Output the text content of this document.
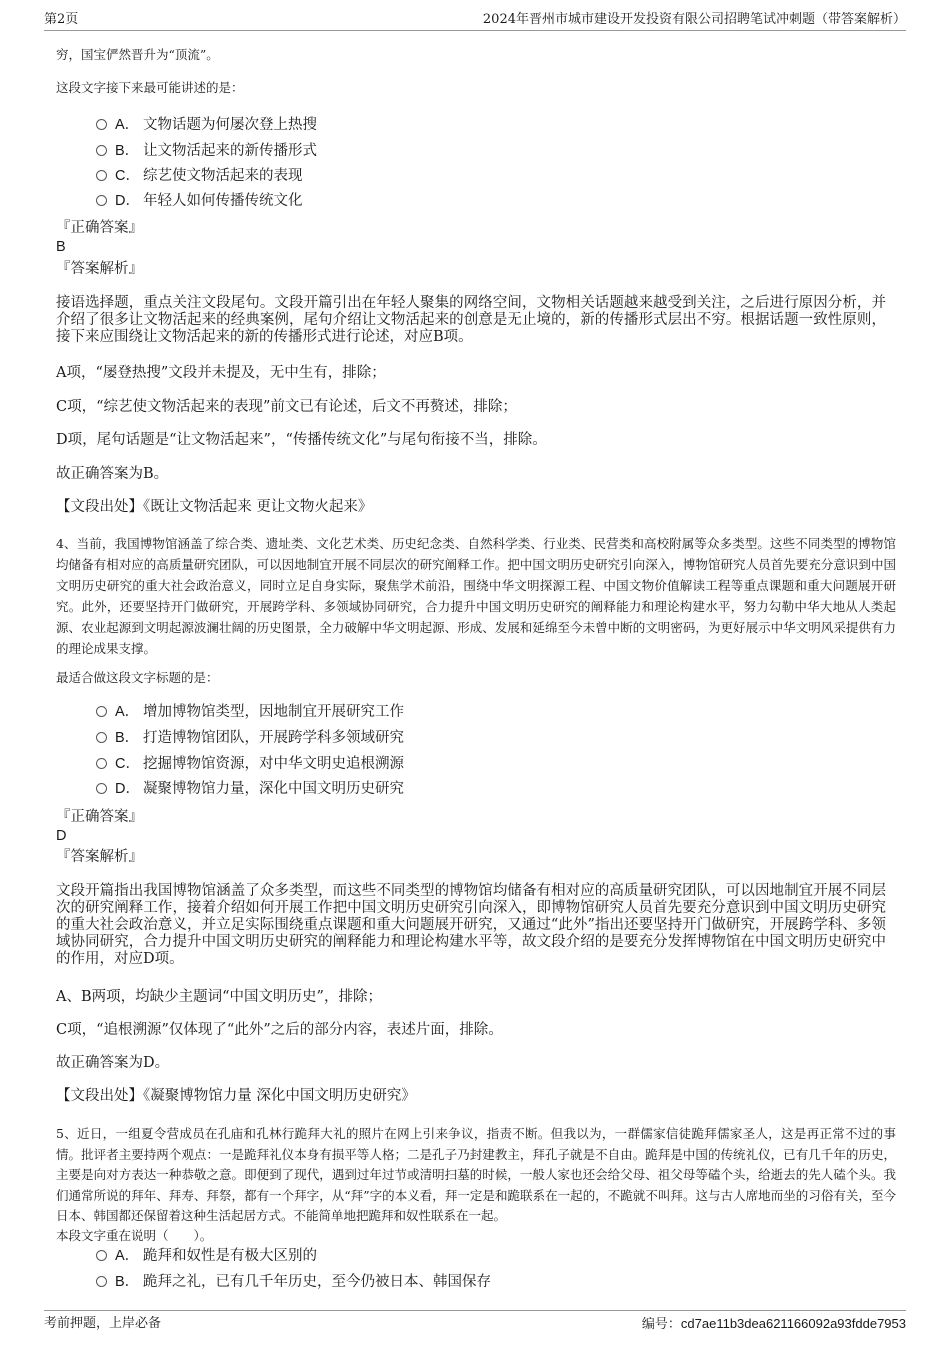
第2页	2024年晋州市城市建设开发投资有限公司招聘笔试冲刺题（带答案解析）
穷，国宝俨然晋升为“顶流”。
这段文字接下来最可能讲述的是：
A． 文物话题为何屡次登上热搜
B． 让文物活起来的新传播形式
C． 综艺使文物活起来的表现
D． 年轻人如何传播传统文化
『正确答案』
B
『答案解析』
接语选择题，重点关注文段尾句。文段开篇引出在年轻人聚集的网络空间，文物相关话题越来越受到关注，之后进行原因分析，并介绍了很多让文物活起来的经典案例，尾句介绍让文物活起来的创意是无止境的，新的传播形式层出不穷。根据话题一致性原则，接下来应围绕让文物活起来的新的传播形式进行论述，对应B项。
A项，“屡登热搜”文段并未提及，无中生有，排除；
C项，“综艺使文物活起来的表现”前文已有论述，后文不再赘述，排除；
D项，尾句话题是“让文物活起来”，“传播传统文化”与尾句衔接不当，排除。
故正确答案为B。
【文段出处】《既让文物活起来 更让文物火起来》
4、当前，我国博物馆涵盖了综合类、遗址类、文化艺术类、历史纪念类、自然科学类、行业类、民营类和高校附属等众多类型。这些不同类型的博物馆均储备有相对应的高质量研究团队，可以因地制宜开展不同层次的研究阐释工作。把中国文明历史研究引向深入，博物馆研究人员首先要充分意识到中国文明历史研究的重大社会政治意义，同时立足自身实际，聚焦学术前沿，围绕中华文明探源工程、中国文物价值解读工程等重点课题和重大问题展开研究。此外，还要坚持开门做研究，开展跨学科、多领域协同研究，合力提升中国文明历史研究的阐释能力和理论构建水平，努力勾勒中华大地从人类起源、农业起源到文明起源波澜壮阔的历史图景，全力破解中华文明起源、形成、发展和延绵至今未曾中断的文明密码，为更好展示中华文明风采提供有力的理论成果支撑。
最适合做这段文字标题的是：
A． 增加博物馆类型，因地制宜开展研究工作
B． 打造博物馆团队，开展跨学科多领域研究
C． 挖掘博物馆资源，对中华文明史追根溯源
D． 凝聚博物馆力量，深化中国文明历史研究
『正确答案』
D
『答案解析』
文段开篇指出我国博物馆涵盖了众多类型，而这些不同类型的博物馆均储备有相对应的高质量研究团队，可以因地制宜开展不同层次的研究阐释工作，接着介绍如何开展工作把中国文明历史研究引向深入，即博物馆研究人员首先要充分意识到中国文明历史研究的重大社会政治意义，并立足实际围绕重点课题和重大问题展开研究，又通过“此外”指出还要坚持开门做研究，开展跨学科、多领域协同研究，合力提升中国文明历史研究的阐释能力和理论构建水平等，故文段介绍的是要充分发挥博物馆在中国文明历史研究中的作用，对应D项。
A、B两项，均缺少主题词“中国文明历史”，排除；
C项，“追根溯源”仅体现了“此外”之后的部分内容，表述片面，排除。
故正确答案为D。
【文段出处】《凝聚博物馆力量 深化中国文明历史研究》
5、近日，一组夏令营成员在孔庙和孔林行跪拜大礼的照片在网上引来争议，指责不断。但我以为，一群儒家信徒跪拜儒家圣人，这是再正常不过的事情。批评者主要持两个观点：一是跪拜礼仪本身有损平等人格；二是孔子乃封建教主，拜孔子就是不自由。跪拜是中国的传统礼仪，已有几千年的历史，主要是向对方表达一种恭敬之意。即便到了现代，遇到过年过节或清明扫墓的时候，一般人家也还会给父母、祖父母等磕个头，给逝去的先人磕个头。我们通常所说的拜年、拜寿、拜祭，都有一个拜字，从“拜”字的本义看，拜一定是和跪联系在一起的，不跪就不叫拜。这与古人席地而坐的习俗有关，至今日本、韩国都还保留着这种生活起居方式。不能简单地把跪拜和奴性联系在一起。
本段文字重在说明（　　）。
A． 跪拜和奴性是有极大区别的
B． 跪拜之礼，已有几千年历史，至今仍被日本、韩国保存
考前押题，上岸必备	编号：cd7ae11b3dea621166092a93fdde7953
